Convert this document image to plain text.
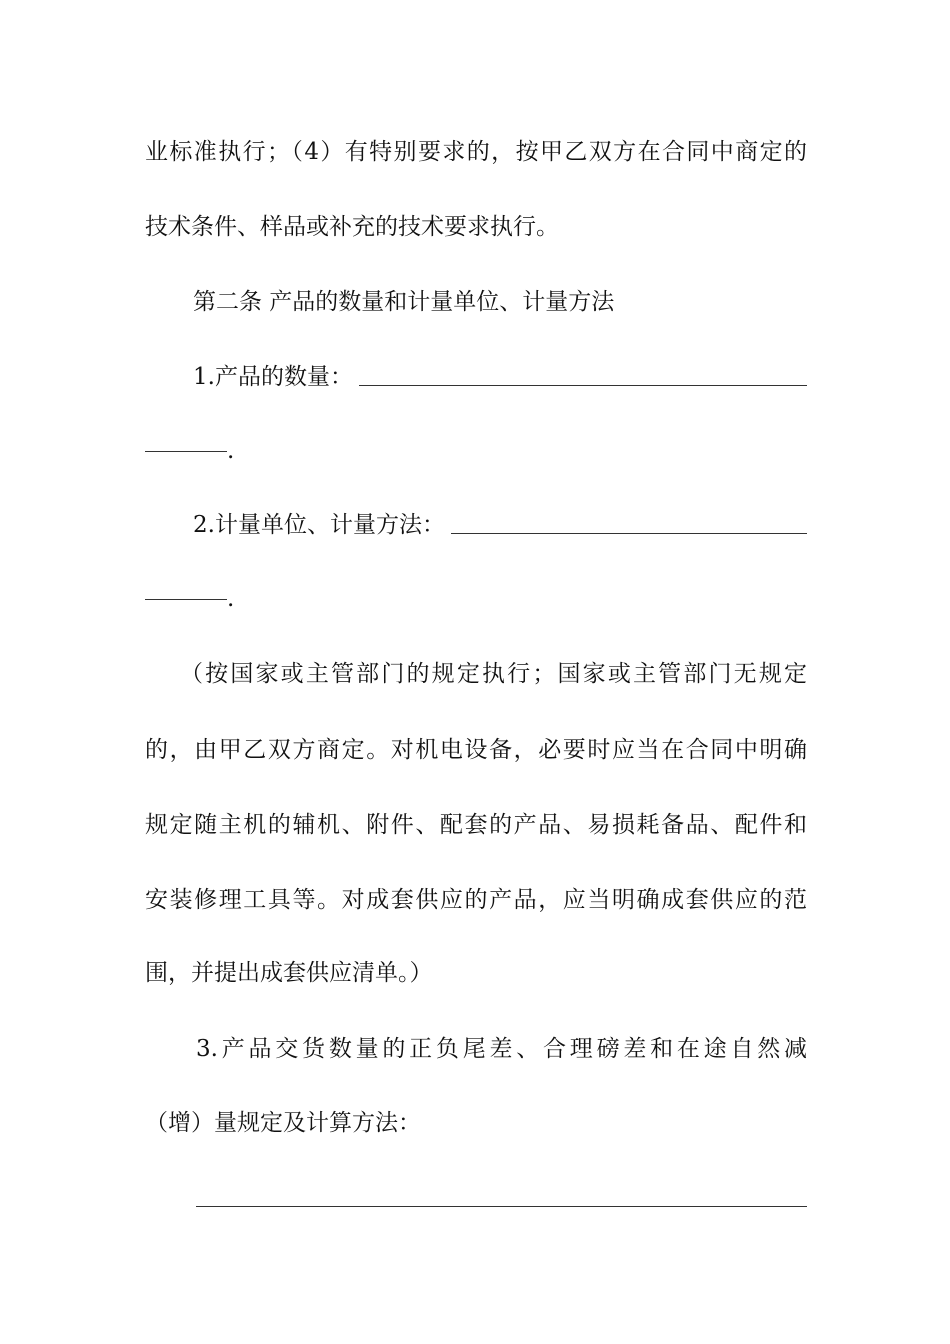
业标准执行；（4）有特别要求的，按甲乙双方在合同中商定的
技术条件、样品或补充的技术要求执行。
第二条 产品的数量和计量单位、计量方法
1.产品的数量：
.
2.计量单位、计量方法：
.
（按国家或主管部门的规定执行；国家或主管部门无规定
的，由甲乙双方商定。对机电设备，必要时应当在合同中明确
规定随主机的辅机、附件、配套的产品、易损耗备品、配件和
安装修理工具等。对成套供应的产品，应当明确成套供应的范
围，并提出成套供应清单。）
3.产品交货数量的正负尾差、合理磅差和在途自然减
（增）量规定及计算方法：
